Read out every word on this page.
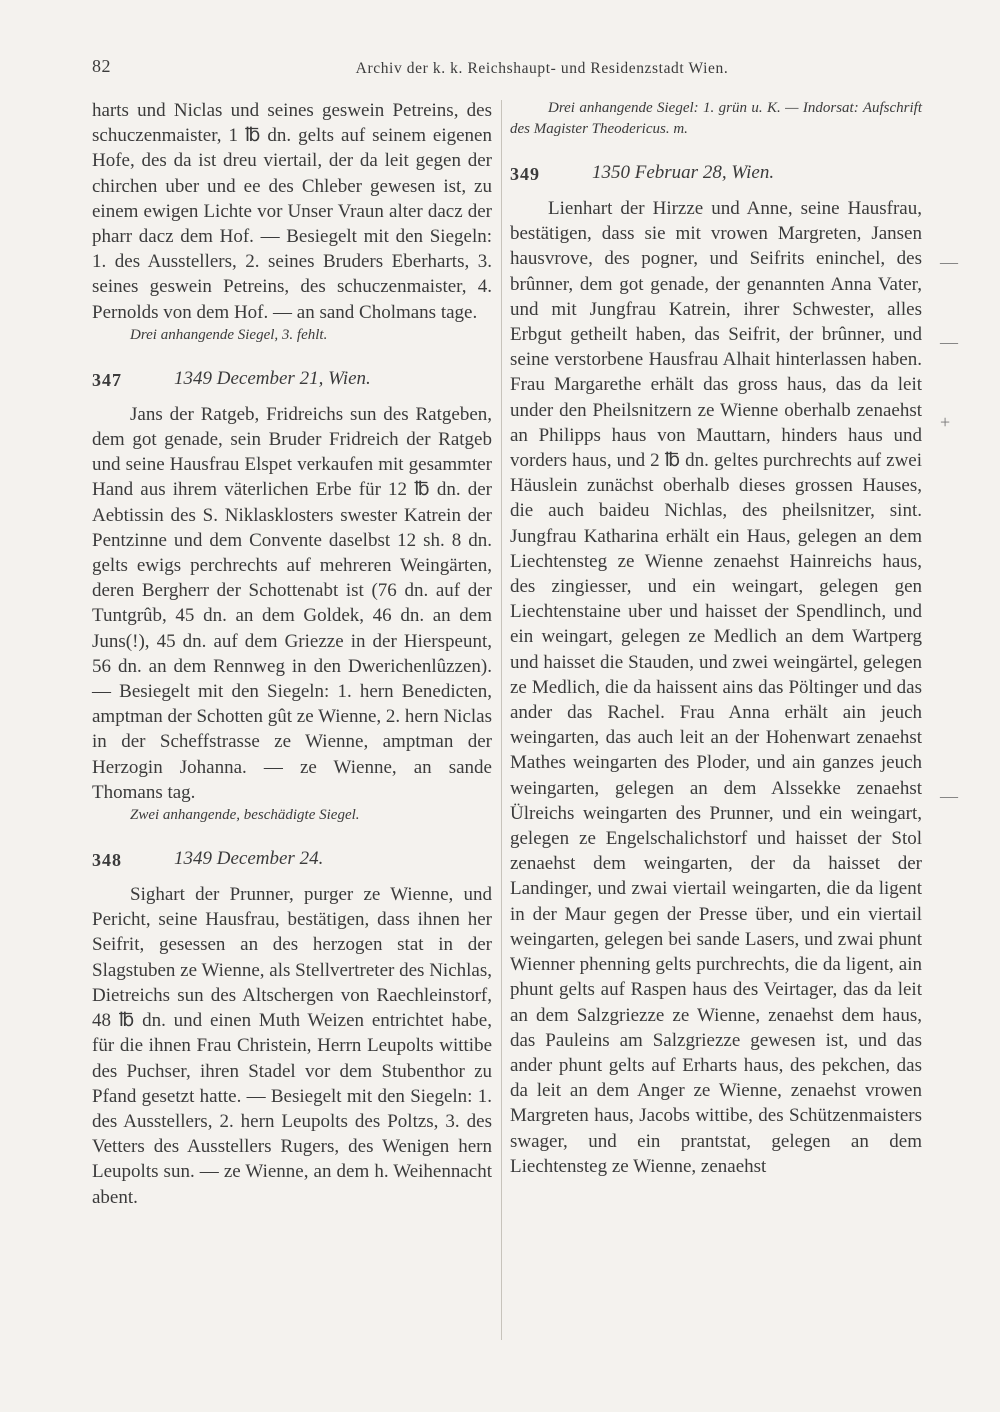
82	Archiv der k. k. Reichshaupt- und Residenzstadt Wien.

harts und Niclas und seines geswein Petreins, des schuczenmaister, 1 ℔ dn. gelts auf seinem eigenen Hofe, des da ist dreu viertail, der da leit gegen der chirchen uber und ee des Chleber gewesen ist, zu einem ewigen Lichte vor Unser Vraun alter dacz der pharr dacz dem Hof. — Besiegelt mit den Siegeln: 1. des Ausstellers, 2. seines Bruders Eberharts, 3. seines geswein Petreins, des schuczenmaister, 4. Pernolds von dem Hof. — an sand Cholmans tage.

Drei anhangende Siegel, 3. fehlt.

347	1349 December 21, Wien.

Jans der Ratgeb, Fridreichs sun des Ratgeben, dem got genade, sein Bruder Fridreich der Ratgeb und seine Hausfrau Elspet verkaufen mit gesammter Hand aus ihrem väterlichen Erbe für 12 ℔ dn. der Aebtissin des S. Niklasklosters swester Katrein der Pentzinne und dem Convente daselbst 12 sh. 8 dn. gelts ewigs perchrechts auf mehreren Weingärten, deren Bergherr der Schottenabt ist (76 dn. auf der Tuntgrûb, 45 dn. an dem Goldek, 46 dn. an dem Juns(!), 45 dn. auf dem Griezze in der Hierspeunt, 56 dn. an dem Rennweg in den Dwerichenlûzzen). — Besiegelt mit den Siegeln: 1. hern Benedicten, amptman der Schotten gût ze Wienne, 2. hern Niclas in der Scheffstrasse ze Wienne, amptman der Herzogin Johanna. — ze Wienne, an sande Thomans tag.

Zwei anhangende, beschädigte Siegel.

348	1349 December 24.

Sighart der Prunner, purger ze Wienne, und Pericht, seine Hausfrau, bestätigen, dass ihnen her Seifrit, gesessen an des herzogen stat in der Slagstuben ze Wienne, als Stellvertreter des Nichlas, Dietreichs sun des Altschergen von Raechleinstorf, 48 ℔ dn. und einen Muth Weizen entrichtet habe, für die ihnen Frau Christein, Herrn Leupolts wittibe des Puchser, ihren Stadel vor dem Stubenthor zu Pfand gesetzt hatte. — Besiegelt mit den Siegeln: 1. des Ausstellers, 2. hern Leupolts des Poltzs, 3. des Vetters des Ausstellers Rugers, des Wenigen hern Leupolts sun. — ze Wienne, an dem h. Weihennacht abent.

Drei anhangende Siegel: 1. grün u. K. — Indorsat: Aufschrift des Magister Theodericus. m.

349	1350 Februar 28, Wien.

Lienhart der Hirzze und Anne, seine Hausfrau, bestätigen, dass sie mit vrowen Margreten, Jansen hausvrove, des pogner, und Seifrits eninchel, des brûnner, dem got genade, der genannten Anna Vater, und mit Jungfrau Katrein, ihrer Schwester, alles Erbgut getheilt haben, das Seifrit, der brûnner, und seine verstorbene Hausfrau Alhait hinterlassen haben. Frau Margarethe erhält das gross haus, das da leit under den Pheilsnitzern ze Wienne oberhalb zenaehst an Philipps haus von Mauttarn, hinders haus und vorders haus, und 2 ℔ dn. geltes purchrechts auf zwei Häuslein zunächst oberhalb dieses grossen Hauses, die auch baideu Nichlas, des pheilsnitzer, sint. Jungfrau Katharina erhält ein Haus, gelegen an dem Liechtensteg ze Wienne zenaehst Hainreichs haus, des zingiesser, und ein weingart, gelegen gen Liechtenstaine uber und haisset der Spendlinch, und ein weingart, gelegen ze Medlich an dem Wartperg und haisset die Stauden, und zwei weingärtel, gelegen ze Medlich, die da haissent ains das Pöltinger und das ander das Rachel. Frau Anna erhält ain jeuch weingarten, das auch leit an der Hohenwart zenaehst Mathes weingarten des Ploder, und ain ganzes jeuch weingarten, gelegen an dem Alssekke zenaehst Ülreichs weingarten des Prunner, und ein weingart, gelegen ze Engelschalichstorf und haisset der Stol zenaehst dem weingarten, der da haisset der Landinger, und zwai viertail weingarten, die da ligent in der Maur gegen der Presse über, und ein viertail weingarten, gelegen bei sande Lasers, und zwai phunt Wienner phenning gelts purchrechts, die da ligent, ain phunt gelts auf Raspen haus des Veirtager, das da leit an dem Salzgriezze ze Wienne, zenaehst dem haus, das Pauleins am Salzgriezze gewesen ist, und das ander phunt gelts auf Erharts haus, des pekchen, das da leit an dem Anger ze Wienne, zenaehst vrowen Margreten haus, Jacobs wittibe, des Schützenmaisters swager, und ein prantstat, gelegen an dem Liechtensteg ze Wienne, zenaehst

—
—
+
—
